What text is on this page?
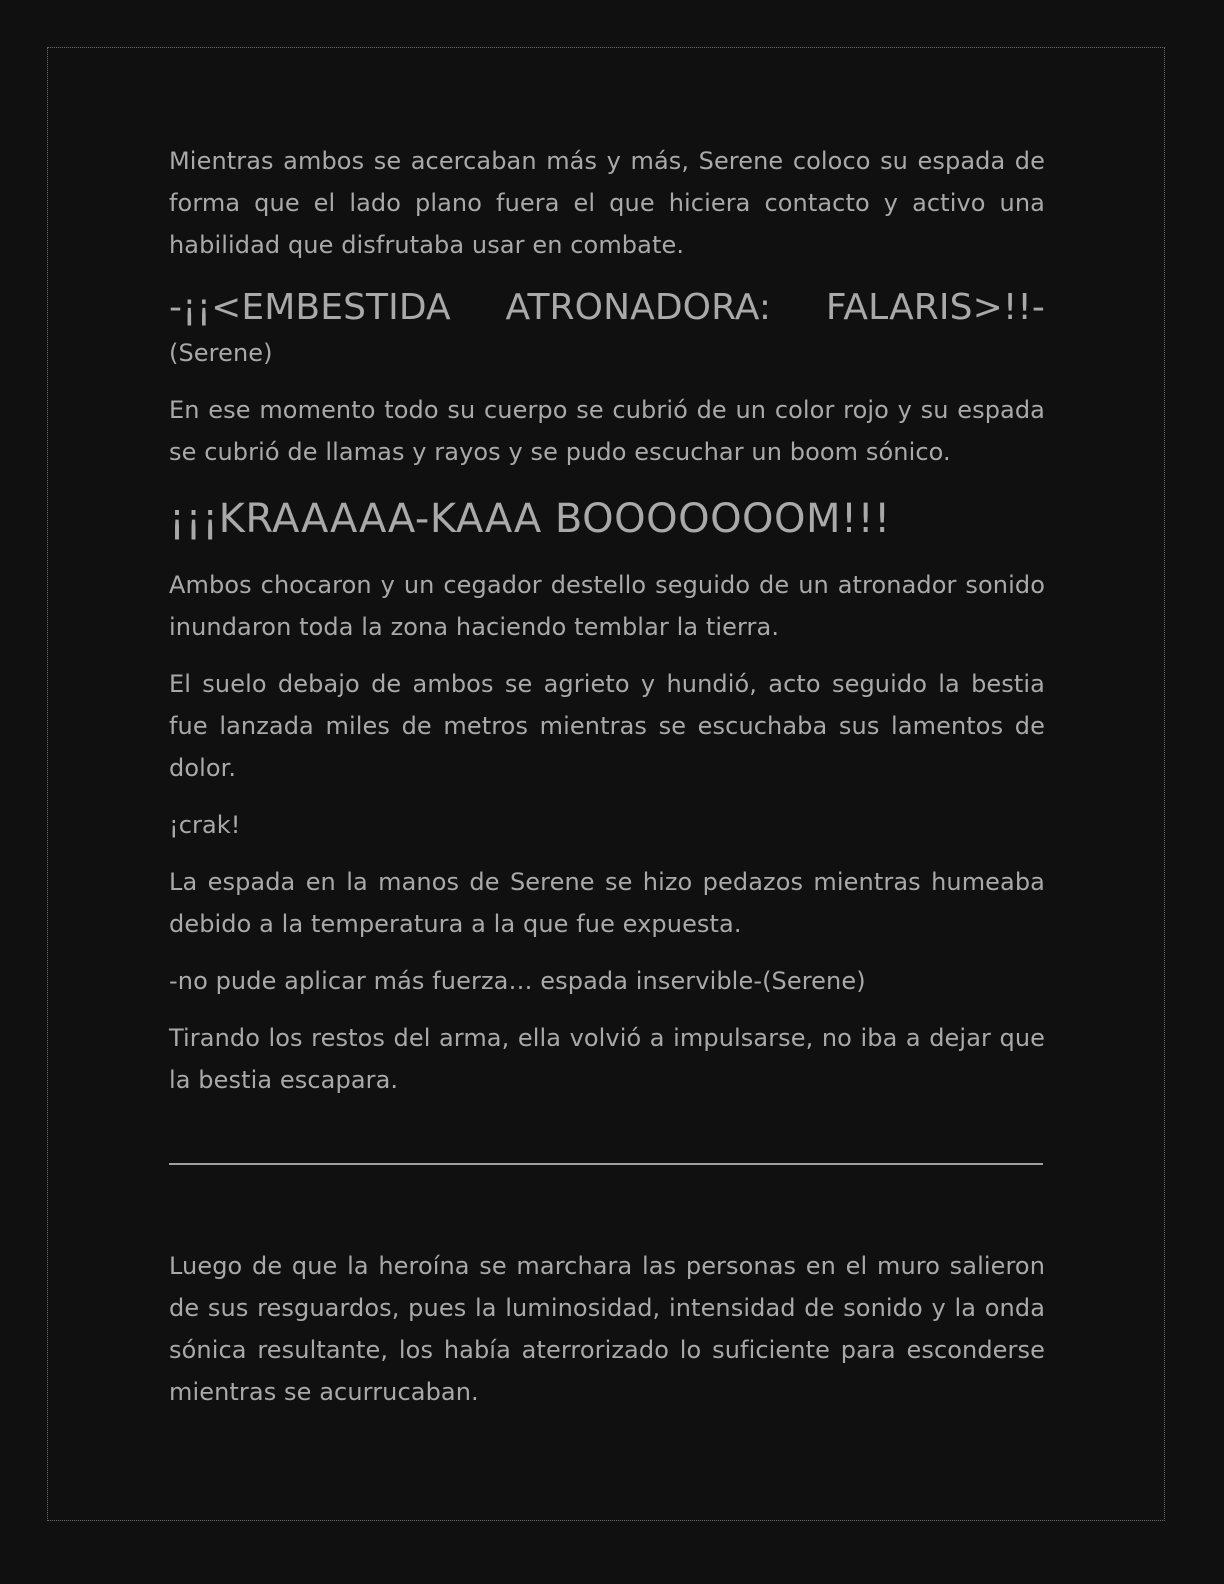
Mientras ambos se acercaban más y más, Serene coloco su espada de forma que el lado plano fuera el que hiciera contacto y activo una habilidad que disfrutaba usar en combate.

-¡¡<EMBESTIDA ATRONADORA: FALARIS>!!-

(Serene)

En ese momento todo su cuerpo se cubrió de un color rojo y su espada se cubrió de llamas y rayos y se pudo escuchar un boom sónico.

¡¡¡KRAAAAA-KAAA BOOOOOOOM!!!

Ambos chocaron y un cegador destello seguido de un atronador sonido inundaron toda la zona haciendo temblar la tierra.

El suelo debajo de ambos se agrieto y hundió, acto seguido la bestia fue lanzada miles de metros mientras se escuchaba sus lamentos de dolor.

¡crak!

La espada en la manos de Serene se hizo pedazos mientras humeaba debido a la temperatura a la que fue expuesta.

-no pude aplicar más fuerza… espada inservible-(Serene)

Tirando los restos del arma, ella volvió a impulsarse, no iba a dejar que la bestia escapara.

Luego de que la heroína se marchara las personas en el muro salieron de sus resguardos, pues la luminosidad, intensidad de sonido y la onda sónica resultante, los había aterrorizado lo suficiente para esconderse mientras se acurrucaban.
